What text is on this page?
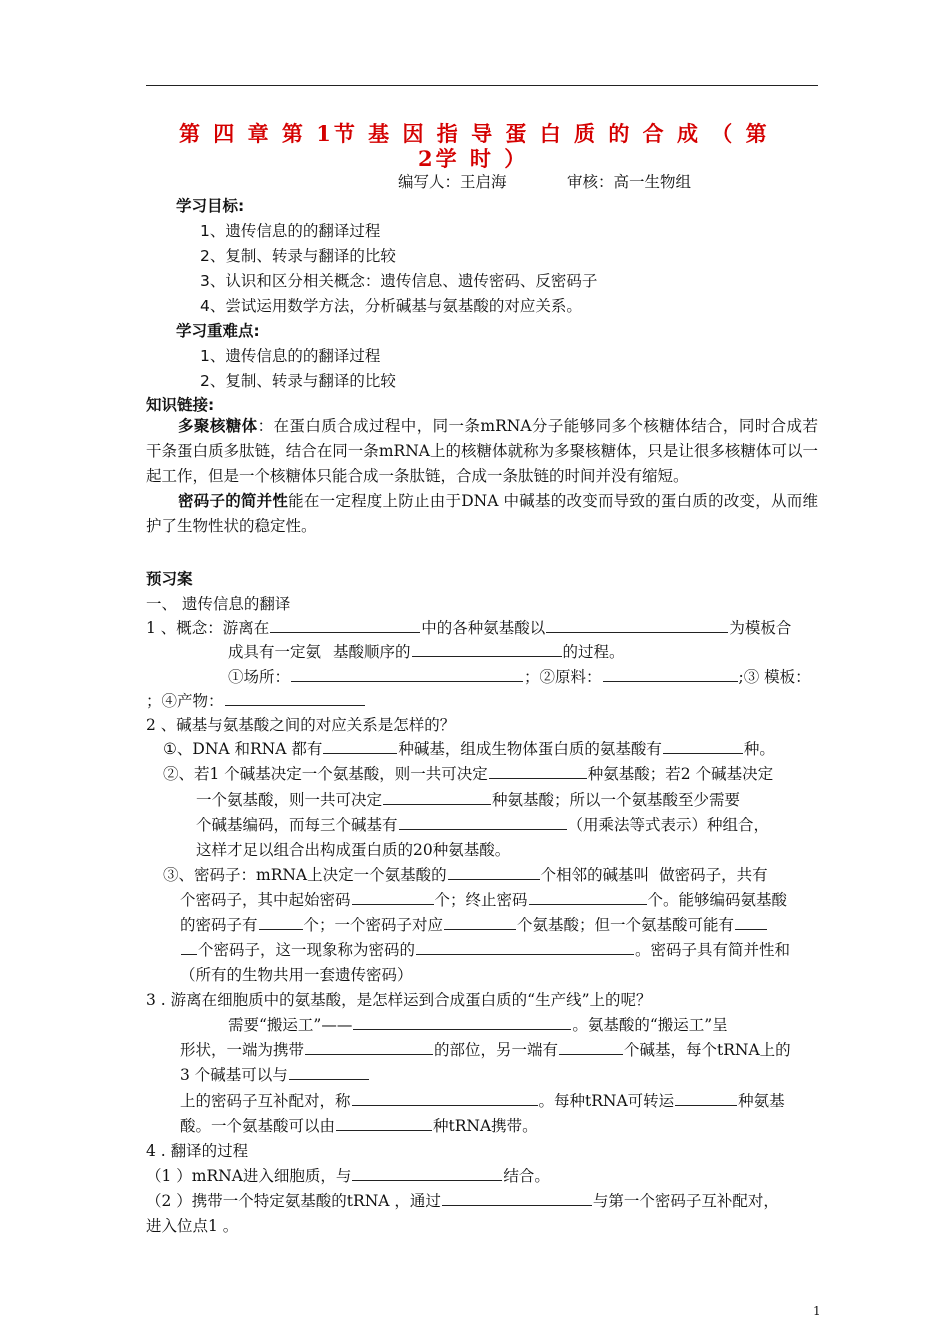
第 四 章 第 1节 基 因 指 导 蛋 白 质 的 合 成 （ 第
2学 时 ）
编写人：王启海	审核：高一生物组
学习目标:
1、遗传信息的的翻译过程
2、复制、转录与翻译的比较
3、认识和区分相关概念：遗传信息、遗传密码、反密码子
4、尝试运用数学方法，分析碱基与氨基酸的对应关系。
学习重难点:
1、遗传信息的的翻译过程
2、复制、转录与翻译的比较
知识链接:
多聚核糖体：在蛋白质合成过程中，同一条mRNA分子能够同多个核糖体结合，同时合成若干条蛋白质多肽链，结合在同一条mRNA上的核糖体就称为多聚核糖体，只是让很多核糖体可以一起工作，但是一个核糖体只能合成一条肽链，合成一条肽链的时间并没有缩短。
密码子的简并性能在一定程度上防止由于DNA 中碱基的改变而导致的蛋白质的改变，从而维护了生物性状的稳定性。
预习案
一、 遗传信息的翻译
1 、概念：游离在	中的各种氨基酸以	为模板合
成具有一定氨 基酸顺序的	的过程。
①场所：	；②原料：	;③ 模板：
；④产物：
2 、碱基与氨基酸之间的对应关系是怎样的？
①、DNA 和RNA 都有	种碱基，组成生物体蛋白质的氨基酸有	种。
②、若1 个碱基决定一个氨基酸，则一共可决定	种氨基酸；若2 个碱基决定
一个氨基酸，则一共可决定	种氨基酸；所以一个氨基酸至少需要
个碱基编码，而每三个碱基有	（用乘法等式表示）种组合，
这样才足以组合出构成蛋白质的20种氨基酸。
③、密码子：mRNA上决定一个氨基酸的	个相邻的碱基叫 做密码子，共有
个密码子，其中起始密码	个；终止密码	个。能够编码氨基酸
的密码子有	个；一个密码子对应	个氨基酸；但一个氨基酸可能有
个密码子，这一现象称为密码的	。密码子具有简并性和
（所有的生物共用一套遗传密码）
3 . 游离在细胞质中的氨基酸，是怎样运到合成蛋白质的“生产线”上的呢？
需要“搬运工”——	。氨基酸的“搬运工”呈
形状，一端为携带	的部位，另一端有	个碱基，每个tRNA上的
3 个碱基可以与
上的密码子互补配对，称	。每种tRNA可转运	种氨基
酸。一个氨基酸可以由	种tRNA携带。
4 . 翻译的过程
（1 ）mRNA进入细胞质，与	结合。
（2 ）携带一个特定氨基酸的tRNA ，通过	与第一个密码子互补配对，
进入位点1 。
1
